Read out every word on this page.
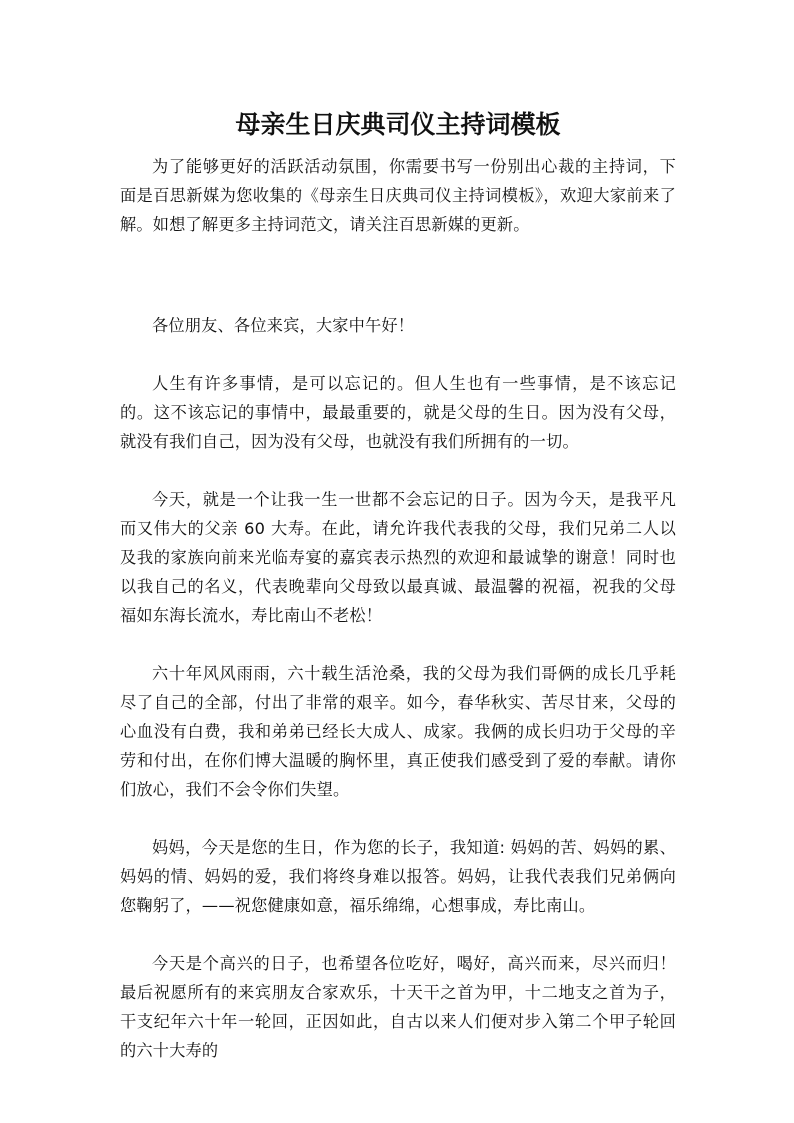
母亲生日庆典司仪主持词模板

为了能够更好的活跃活动氛围，你需要书写一份别出心裁的主持词，下面是百思新媒为您收集的《母亲生日庆典司仪主持词模板》，欢迎大家前来了解。如想了解更多主持词范文，请关注百思新媒的更新。

各位朋友、各位来宾，大家中午好！

人生有许多事情，是可以忘记的。但人生也有一些事情，是不该忘记的。这不该忘记的事情中，最最重要的，就是父母的生日。因为没有父母，就没有我们自己，因为没有父母，也就没有我们所拥有的一切。

今天，就是一个让我一生一世都不会忘记的日子。因为今天，是我平凡而又伟大的父亲 60 大寿。在此，请允许我代表我的父母，我们兄弟二人以及我的家族向前来光临寿宴的嘉宾表示热烈的欢迎和最诚挚的谢意！同时也以我自己的名义，代表晚辈向父母致以最真诚、最温馨的祝福，祝我的父母福如东海长流水，寿比南山不老松！

六十年风风雨雨，六十载生活沧桑，我的父母为我们哥俩的成长几乎耗尽了自己的全部，付出了非常的艰辛。如今，春华秋实、苦尽甘来，父母的心血没有白费，我和弟弟已经长大成人、成家。我俩的成长归功于父母的辛劳和付出，在你们博大温暖的胸怀里，真正使我们感受到了爱的奉献。请你们放心，我们不会令你们失望。

妈妈，今天是您的生日，作为您的长子，我知道: 妈妈的苦、妈妈的累、妈妈的情、妈妈的爱，我们将终身难以报答。妈妈，让我代表我们兄弟俩向您鞠躬了，——祝您健康如意，福乐绵绵，心想事成，寿比南山。

今天是个高兴的日子，也希望各位吃好，喝好，高兴而来，尽兴而归！最后祝愿所有的来宾朋友合家欢乐，十天干之首为甲，十二地支之首为子，干支纪年六十年一轮回，正因如此，自古以来人们便对步入第二个甲子轮回的六十大寿的
